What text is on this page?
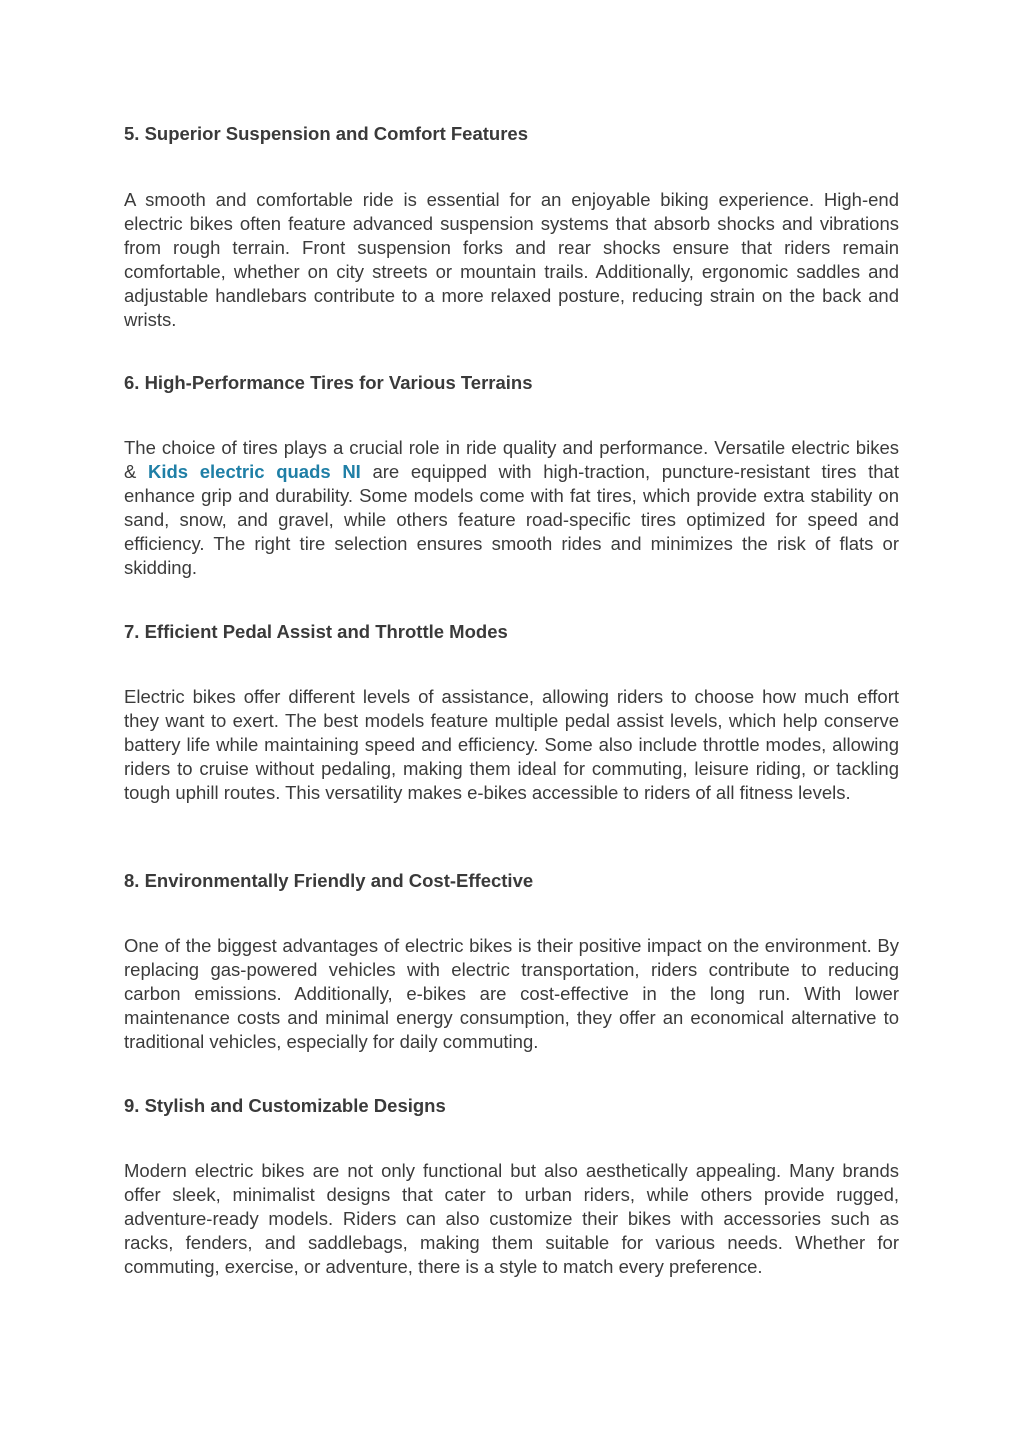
5. Superior Suspension and Comfort Features

A smooth and comfortable ride is essential for an enjoyable biking experience. High-end electric bikes often feature advanced suspension systems that absorb shocks and vibrations from rough terrain. Front suspension forks and rear shocks ensure that riders remain comfortable, whether on city streets or mountain trails. Additionally, ergonomic saddles and adjustable handlebars contribute to a more relaxed posture, reducing strain on the back and wrists.

6. High-Performance Tires for Various Terrains

The choice of tires plays a crucial role in ride quality and performance. Versatile electric bikes & Kids electric quads NI are equipped with high-traction, puncture-resistant tires that enhance grip and durability. Some models come with fat tires, which provide extra stability on sand, snow, and gravel, while others feature road-specific tires optimized for speed and efficiency. The right tire selection ensures smooth rides and minimizes the risk of flats or skidding.

7. Efficient Pedal Assist and Throttle Modes

Electric bikes offer different levels of assistance, allowing riders to choose how much effort they want to exert. The best models feature multiple pedal assist levels, which help conserve battery life while maintaining speed and efficiency. Some also include throttle modes, allowing riders to cruise without pedaling, making them ideal for commuting, leisure riding, or tackling tough uphill routes. This versatility makes e-bikes accessible to riders of all fitness levels.

8. Environmentally Friendly and Cost-Effective

One of the biggest advantages of electric bikes is their positive impact on the environment. By replacing gas-powered vehicles with electric transportation, riders contribute to reducing carbon emissions. Additionally, e-bikes are cost-effective in the long run. With lower maintenance costs and minimal energy consumption, they offer an economical alternative to traditional vehicles, especially for daily commuting.

9. Stylish and Customizable Designs

Modern electric bikes are not only functional but also aesthetically appealing. Many brands offer sleek, minimalist designs that cater to urban riders, while others provide rugged, adventure-ready models. Riders can also customize their bikes with accessories such as racks, fenders, and saddlebags, making them suitable for various needs. Whether for commuting, exercise, or adventure, there is a style to match every preference.
